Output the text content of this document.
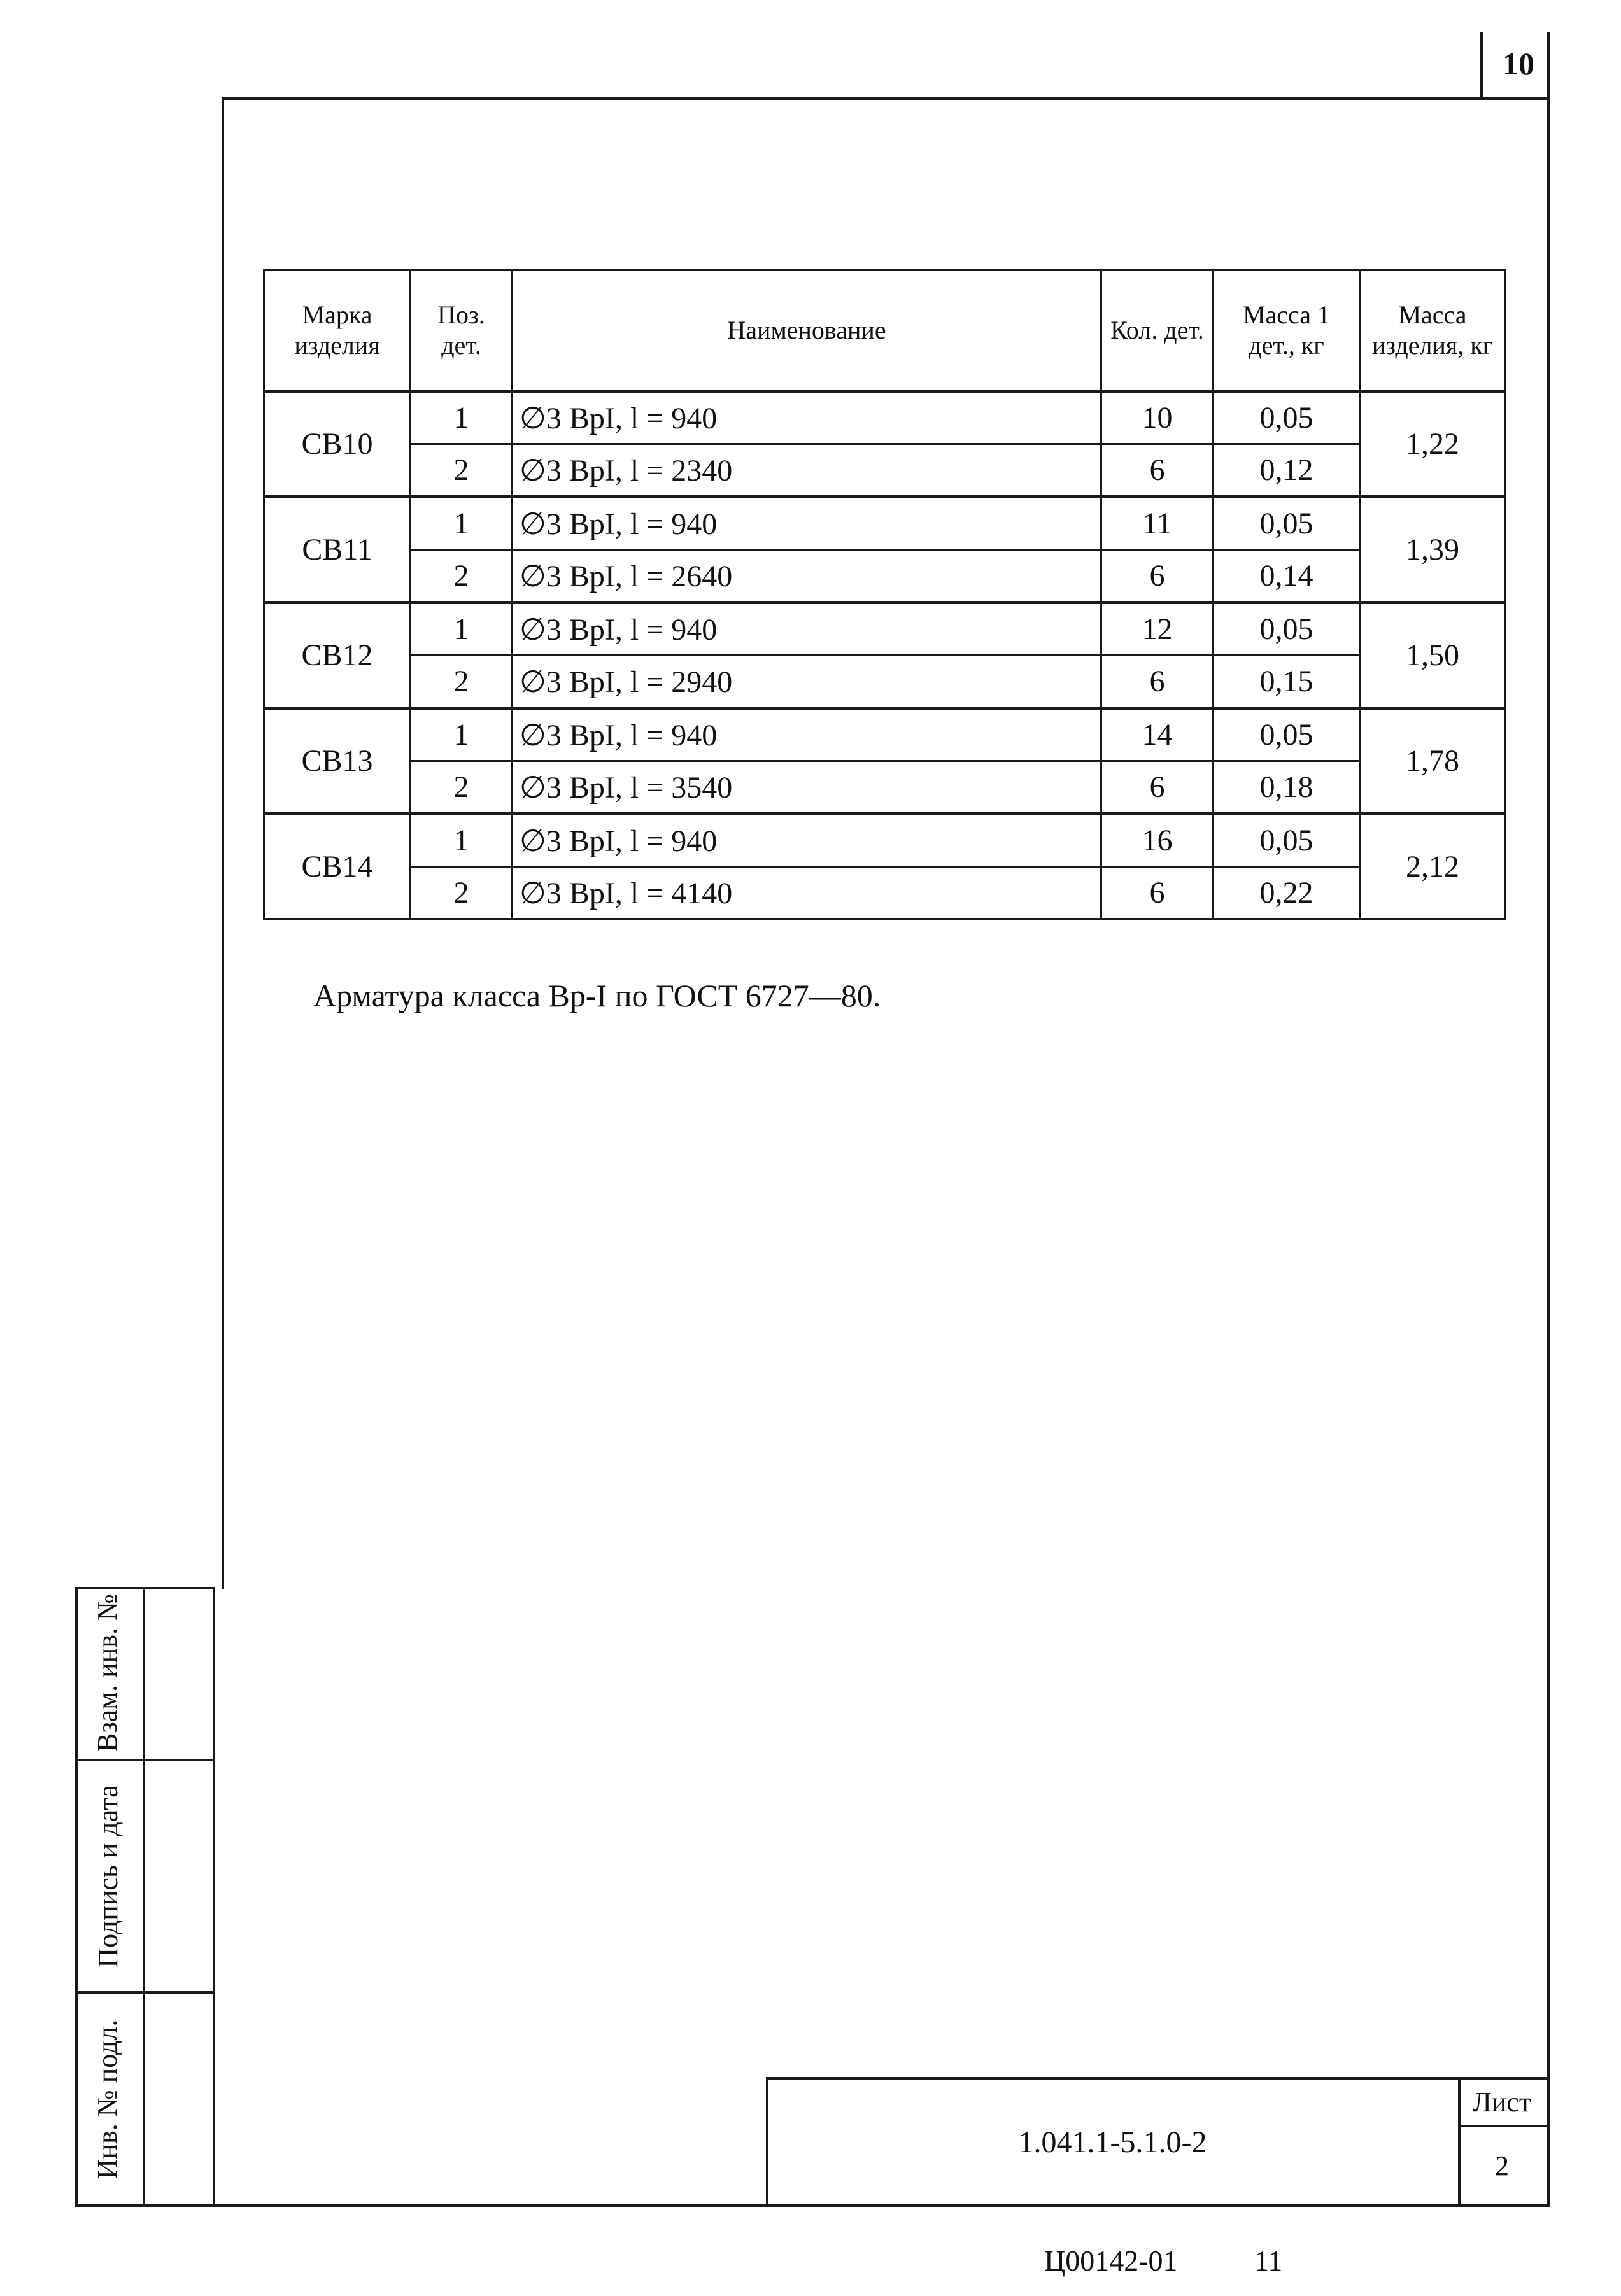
10
Марка изделия	Поз. дет.	Наименование	Кол. дет.	Масса 1 дет., кг	Масса изделия, кг
СВ10	1	∅3 ВрI, l = 940	10	0,05	1,22
	2	∅3 ВрI, l = 2340	6	0,12	
СВ11	1	∅3 ВрI, l = 940	11	0,05	1,39
	2	∅3 ВрI, l = 2640	6	0,14	
СВ12	1	∅3 ВрI, l = 940	12	0,05	1,50
	2	∅3 ВрI, l = 2940	6	0,15	
СВ13	1	∅3 ВрI, l = 940	14	0,05	1,78
	2	∅3 ВрI, l = 3540	6	0,18	
СВ14	1	∅3 ВрI, l = 940	16	0,05	2,12
	2	∅3 ВрI, l = 4140	6	0,22	
Арматура класса Вр-I по ГОСТ 6727—80.
Взам. инв. №
Подпись и дата
Инв. № подл.	1.041.1-5.1.0-2
Лист
2
Ц00142-01	11
